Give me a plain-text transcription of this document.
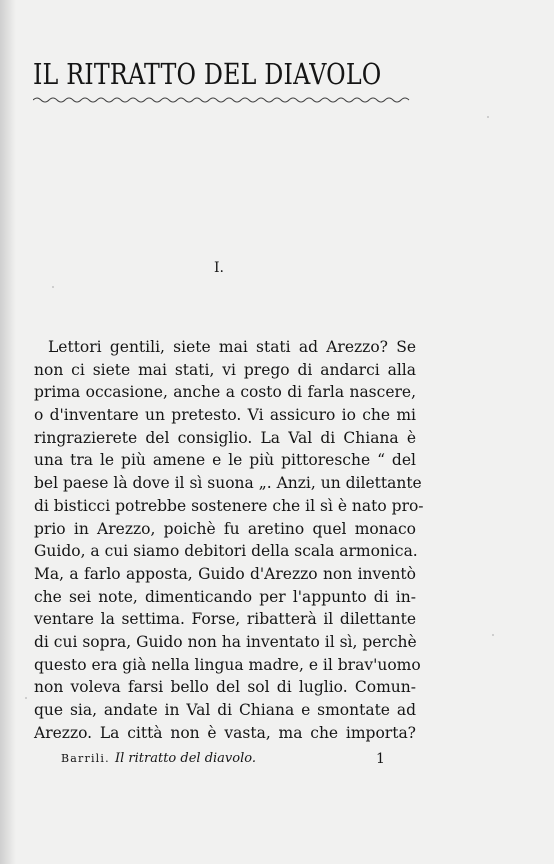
IL RITRATTO DEL DIAVOLO
I.
Lettori gentili, siete mai stati ad Arezzo? Se
non ci siete mai stati, vi prego di andarci alla
prima occasione, anche a costo di farla nascere,
o d'inventare un pretesto. Vi assicuro io che mi
ringrazierete del consiglio. La Val di Chiana è
una tra le più amene e le più pittoresche “ del
bel paese là dove il sì suona „. Anzi, un dilettante
di bisticci potrebbe sostenere che il sì è nato pro-
prio in Arezzo, poichè fu aretino quel monaco
Guido, a cui siamo debitori della scala armonica.
Ma, a farlo apposta, Guido d'Arezzo non inventò
che sei note, dimenticando per l'appunto di in-
ventare la settima. Forse, ribatterà il dilettante
di cui sopra, Guido non ha inventato il sì, perchè
questo era già nella lingua madre, e il brav'uomo
non voleva farsi bello del sol di luglio. Comun-
que sia, andate in Val di Chiana e smontate ad
Arezzo. La città non è vasta, ma che importa?
Barrili. Il ritratto del diavolo.	1
